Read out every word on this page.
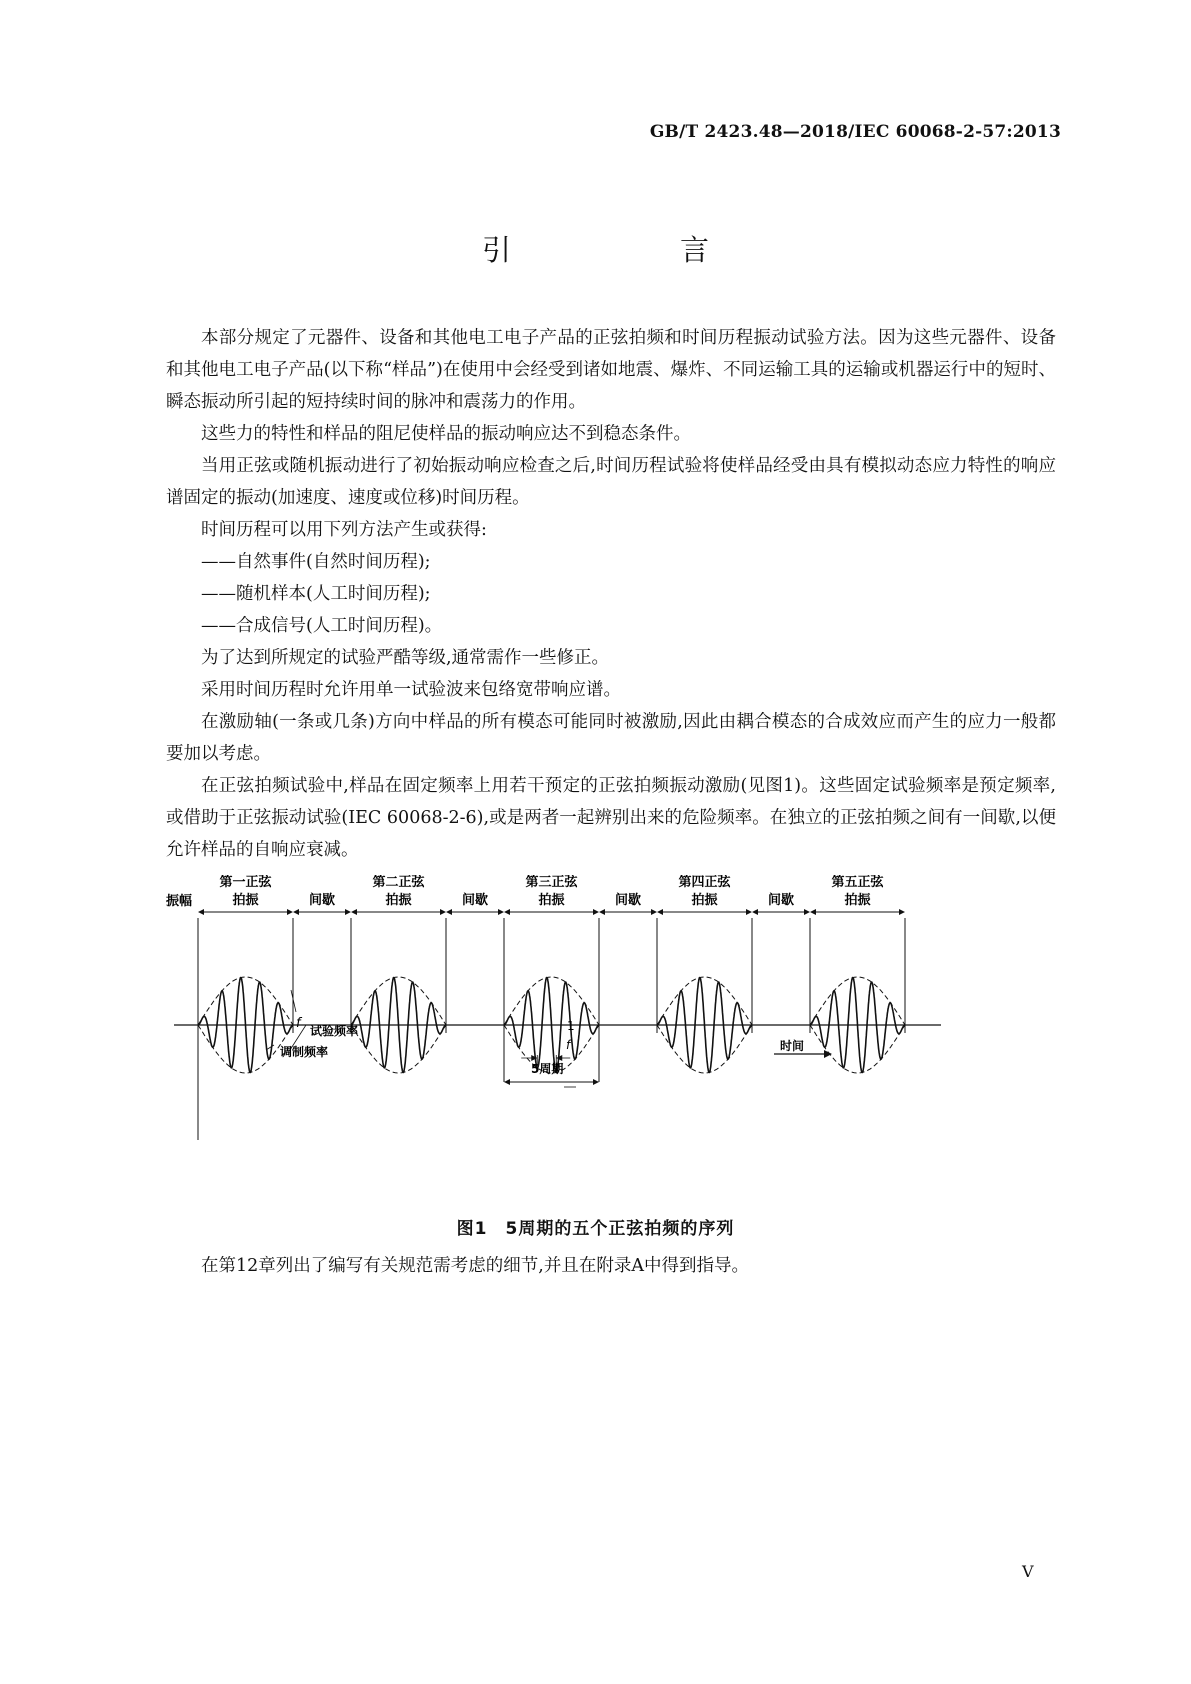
GB/T 2423.48—2018/IEC 60068-2-57:2013
引　言

本部分规定了元器件、设备和其他电工电子产品的正弦拍频和时间历程振动试验方法。因为这些元器件、设备和其他电工电子产品(以下称“样品”)在使用中会经受到诸如地震、爆炸、不同运输工具的运输或机器运行中的短时、瞬态振动所引起的短持续时间的脉冲和震荡力的作用。

这些力的特性和样品的阻尼使样品的振动响应达不到稳态条件。

当用正弦或随机振动进行了初始振动响应检查之后,时间历程试验将使样品经受由具有模拟动态应力特性的响应谱固定的振动(加速度、速度或位移)时间历程。

时间历程可以用下列方法产生或获得:

——自然事件(自然时间历程);

——随机样本(人工时间历程);

——合成信号(人工时间历程)。

为了达到所规定的试验严酷等级,通常需作一些修正。

采用时间历程时允许用单一试验波来包络宽带响应谱。

在激励轴(一条或几条)方向中样品的所有模态可能同时被激励,因此由耦合模态的合成效应而产生的应力一般都要加以考虑。

在正弦拍频试验中,样品在固定频率上用若干预定的正弦拍频振动激励(见图1)。这些固定试验频率是预定频率,或借助于正弦振动试验(IEC 60068-2-6),或是两者一起辨别出来的危险频率。在独立的正弦拍频之间有一间歇,以便允许样品的自响应衰减。

第一正弦
拍振	间歇
第二正弦
拍振	间歇
第三正弦
拍振	间歇
第四正弦
拍振	间歇
第五正弦
拍振
振幅
f 试验频率
调制频率
1
f
5周期
时间
图1　5周期的五个正弦拍频的序列
在第12章列出了编写有关规范需考虑的细节,并且在附录A中得到指导。
V
